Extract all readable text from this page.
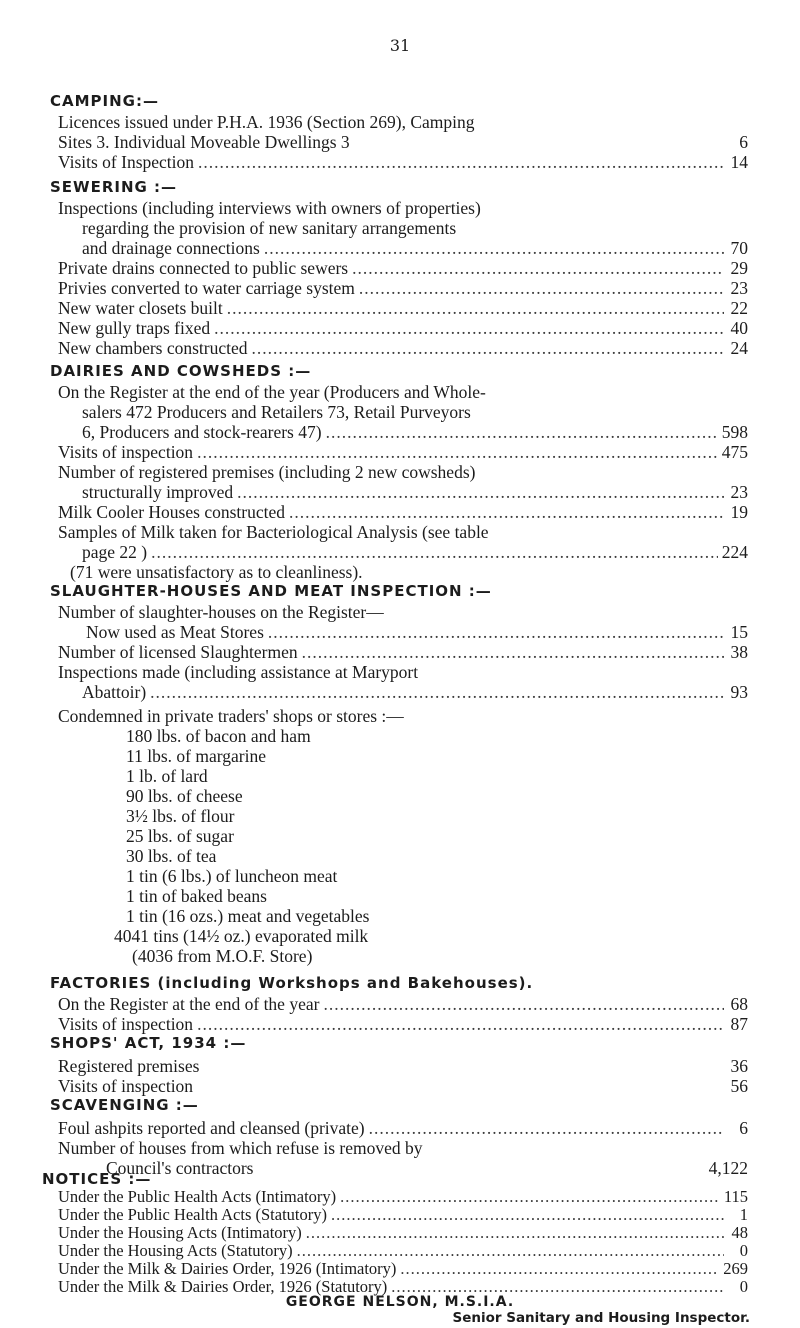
31
CAMPING:—
Licences issued under P.H.A. 1936 (Section 269), Camping
Sites 3. Individual Moveable Dwellings 3	6
Visits of Inspection .....	14
SEWERING :—
Inspections (including interviews with owners of properties)
regarding the provision of new sanitary arrangements
and drainage connections .....	70
Private drains connected to public sewers .....	29
Privies converted to water carriage system .....	23
New water closets built .....	22
New gully traps fixed .....	40
New chambers constructed .....	24
DAIRIES AND COWSHEDS :—
On the Register at the end of the year (Producers and Whole-
salers 472 Producers and Retailers 73, Retail Purveyors
6, Producers and stock-rearers 47) .....	598
Visits of inspection .....	475
Number of registered premises (including 2 new cowsheds)
structurally improved .....	23
Milk Cooler Houses constructed .....	19
Samples of Milk taken for Bacteriological Analysis (see table
page 22 ) .....	224
(71 were unsatisfactory as to cleanliness).
SLAUGHTER-HOUSES AND MEAT INSPECTION :—
Number of slaughter-houses on the Register—
Now used as Meat Stores .....	15
Number of licensed Slaughtermen .....	38
Inspections made (including assistance at Maryport
Abattoir) .....	93
Condemned in private traders' shops or stores :—
180 lbs. of bacon and ham
11 lbs. of margarine
1 lb. of lard
90 lbs. of cheese
3½ lbs. of flour
25 lbs. of sugar
30 lbs. of tea
1 tin (6 lbs.) of luncheon meat
1 tin of baked beans
1 tin (16 ozs.) meat and vegetables
4041 tins (14½ oz.) evaporated milk
(4036 from M.O.F. Store)
FACTORIES (including Workshops and Bakehouses).
On the Register at the end of the year .....	68
Visits of inspection .....	87
SHOPS' ACT, 1934 :—
Registered premises	36
Visits of inspection	56
SCAVENGING :—
Foul ashpits reported and cleansed (private) .....	6
Number of houses from which refuse is removed by
Council's contractors	4,122
NOTICES :—
Under the Public Health Acts (Intimatory) .....	115
Under the Public Health Acts (Statutory) .....	1
Under the Housing Acts (Intimatory) .....	48
Under the Housing Acts (Statutory) .....	0
Under the Milk & Dairies Order, 1926 (Intimatory) .....	269
Under the Milk & Dairies Order, 1926 (Statutory) .....	0
GEORGE NELSON, M.S.I.A.
Senior Sanitary and Housing Inspector.
